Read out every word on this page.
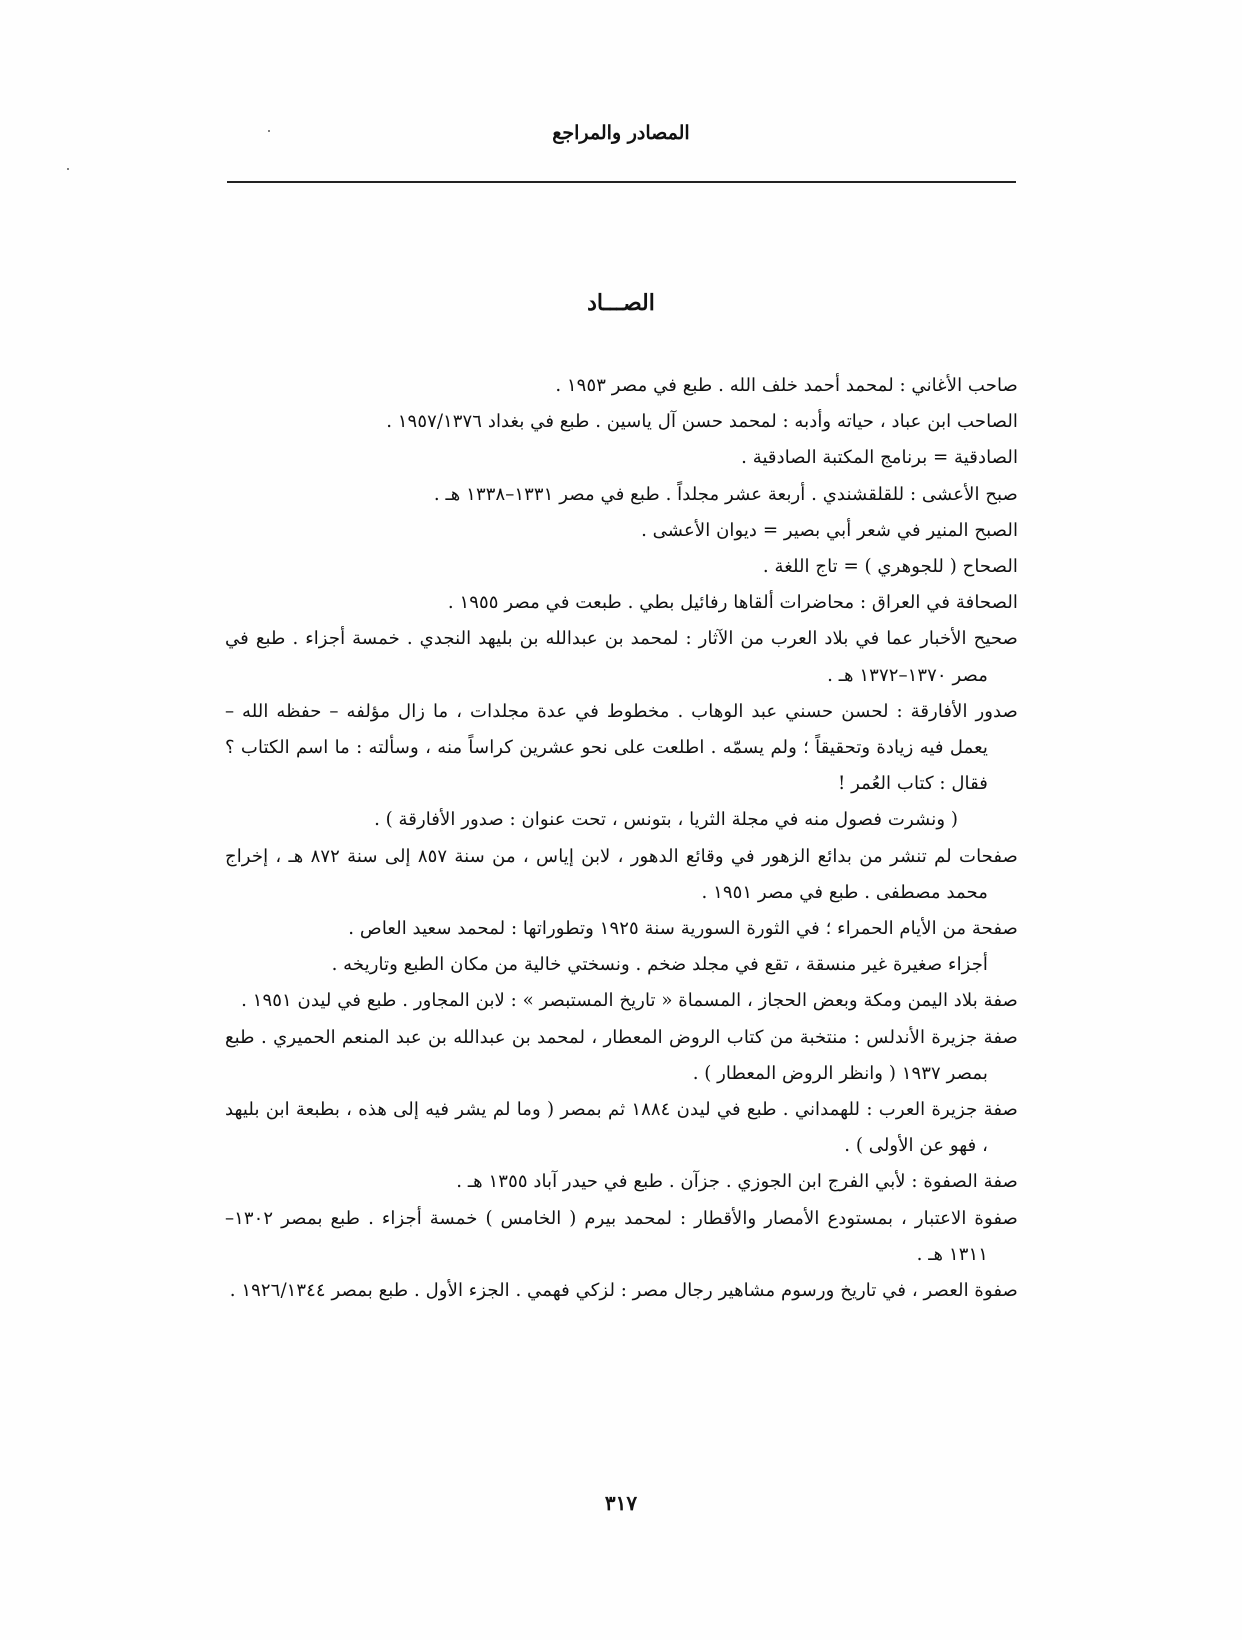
المصادر والمراجع
الصـــاد

صاحب الأغاني : لمحمد أحمد خلف الله . طبع في مصر ١٩٥٣ .

الصاحب ابن عباد ، حياته وأدبه : لمحمد حسن آل ياسين . طبع في بغداد ١٩٥٧/١٣٧٦ .

الصادقية = برنامج المكتبة الصادقية .

صبح الأعشى : للقلقشندي . أربعة عشر مجلداً . طبع في مصر ١٣٣١–١٣٣٨ هـ .

الصبح المنير في شعر أبي بصير = ديوان الأعشى .

الصحاح ( للجوهري ) = تاج اللغة .

الصحافة في العراق : محاضرات ألقاها رفائيل بطي . طبعت في مصر ١٩٥٥ .

صحيح الأخبار عما في بلاد العرب من الآثار : لمحمد بن عبدالله بن بليهد النجدي . خمسة أجزاء . طبع في مصر ١٣٧٠–١٣٧٢ هـ .

صدور الأفارقة : لحسن حسني عبد الوهاب . مخطوط في عدة مجلدات ، ما زال مؤلفه – حفظه الله – يعمل فيه زيادة وتحقيقاً ؛ ولم يسمّه . اطلعت على نحو عشرين كراساً منه ، وسألته : ما اسم الكتاب ؟ فقال : كتاب العُمر !
( ونشرت فصول منه في مجلة الثريا ، بتونس ، تحت عنوان : صدور الأفارقة ) .

صفحات لم تنشر من بدائع الزهور في وقائع الدهور ، لابن إياس ، من سنة ٨٥٧ إلى سنة ٨٧٢ هـ ، إخراج محمد مصطفى . طبع في مصر ١٩٥١ .

صفحة من الأيام الحمراء ؛ في الثورة السورية سنة ١٩٢٥ وتطوراتها : لمحمد سعيد العاص .
أجزاء صغيرة غير منسقة ، تقع في مجلد ضخم . ونسختي خالية من مكان الطبع وتاريخه .

صفة بلاد اليمن ومكة وبعض الحجاز ، المسماة « تاريخ المستبصر » : لابن المجاور . طبع في ليدن ١٩٥١ .

صفة جزيرة الأندلس : منتخبة من كتاب الروض المعطار ، لمحمد بن عبدالله بن عبد المنعم الحميري . طبع بمصر ١٩٣٧ ( وانظر الروض المعطار ) .

صفة جزيرة العرب : للهمداني . طبع في ليدن ١٨٨٤ ثم بمصر ( وما لم يشر فيه إلى هذه ، بطبعة ابن بليهد ، فهو عن الأولى ) .

صفة الصفوة : لأبي الفرج ابن الجوزي . جزآن . طبع في حيدر آباد ١٣٥٥ هـ .

صفوة الاعتبار ، بمستودع الأمصار والأقطار : لمحمد بيرم ( الخامس ) خمسة أجزاء . طبع بمصر ١٣٠٢–١٣١١ هـ .

صفوة العصر ، في تاريخ ورسوم مشاهير رجال مصر : لزكي فهمي . الجزء الأول . طبع بمصر ١٩٢٦/١٣٤٤ .

٣١٧
